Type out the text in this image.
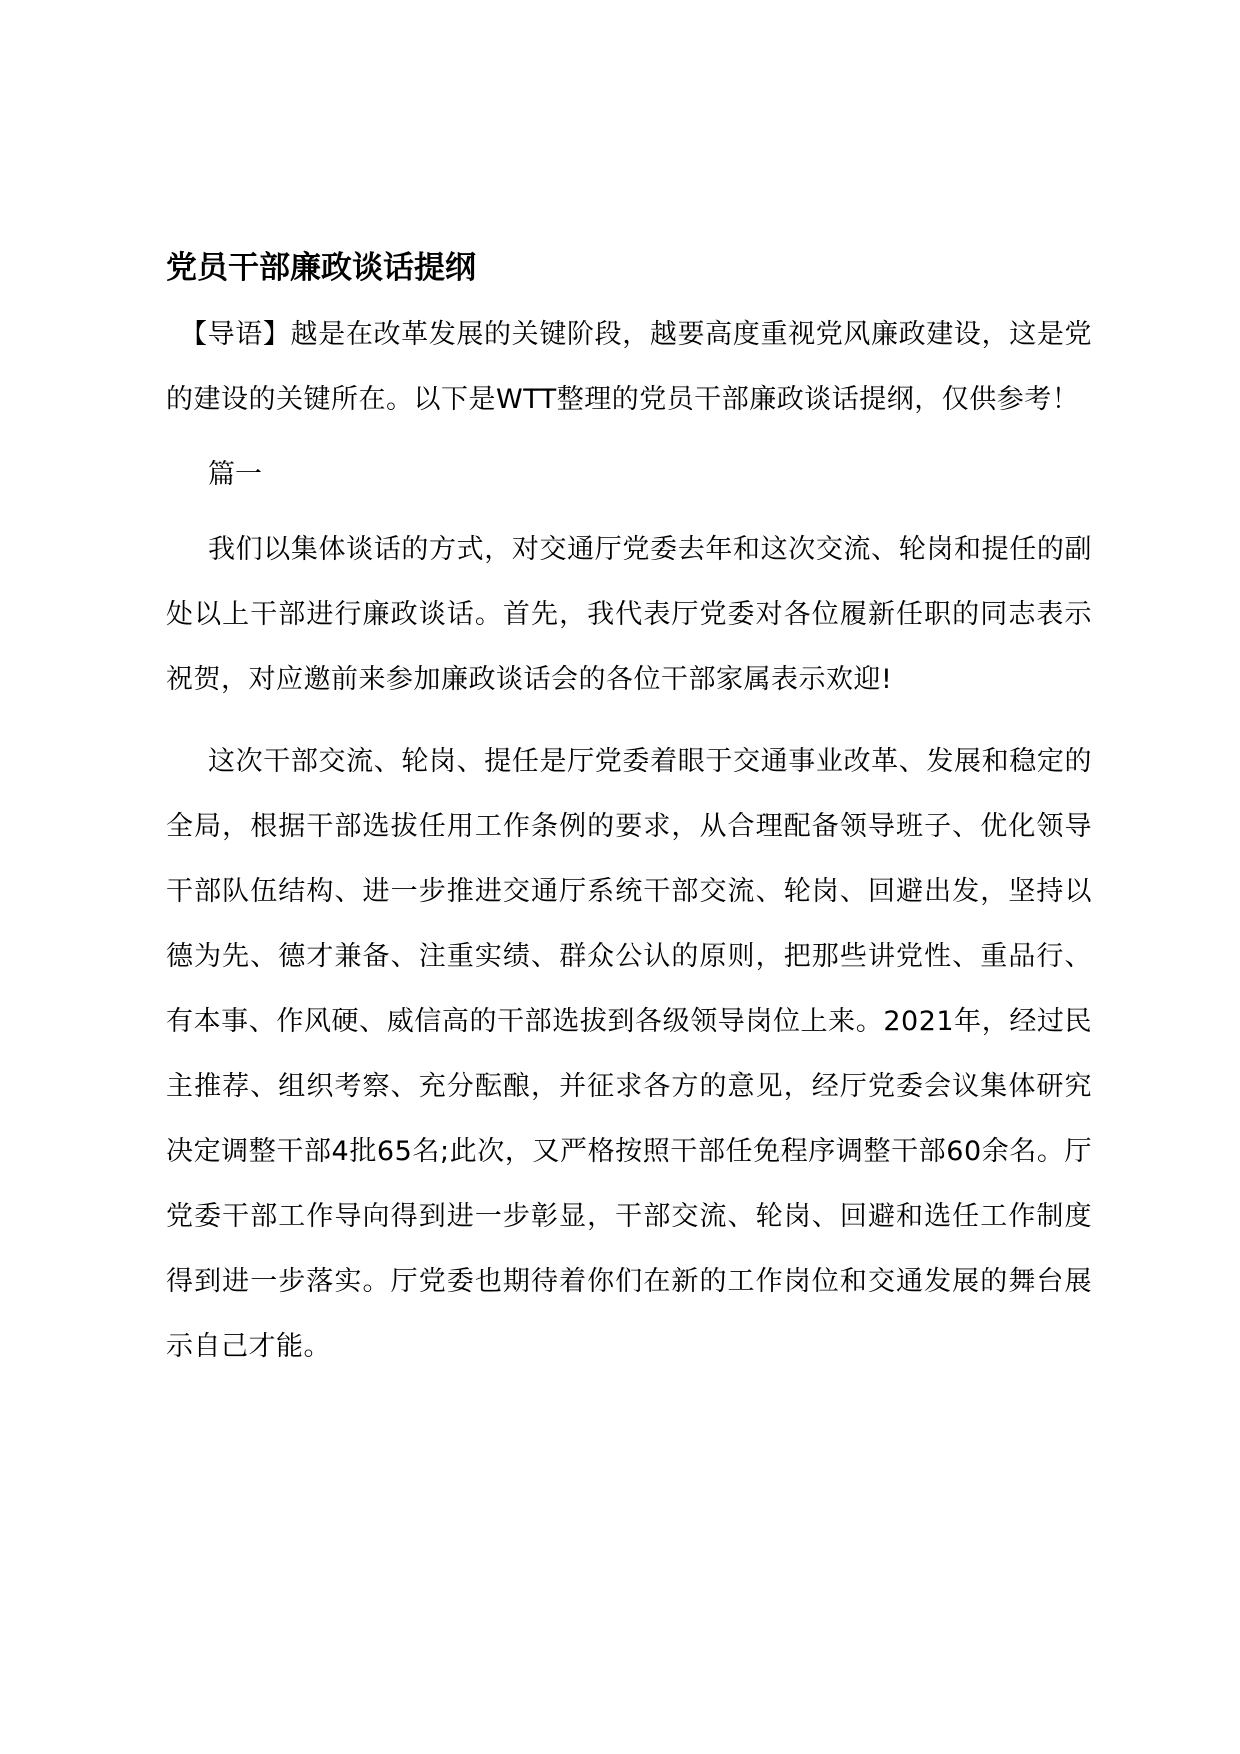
党员干部廉政谈话提纲

【导语】越是在改革发展的关键阶段，越要高度重视党风廉政建设，这是党的建设的关键所在。以下是WTT整理的党员干部廉政谈话提纲，仅供参考！

篇一

我们以集体谈话的方式，对交通厅党委去年和这次交流、轮岗和提任的副处以上干部进行廉政谈话。首先，我代表厅党委对各位履新任职的同志表示祝贺，对应邀前来参加廉政谈话会的各位干部家属表示欢迎!

这次干部交流、轮岗、提任是厅党委着眼于交通事业改革、发展和稳定的全局，根据干部选拔任用工作条例的要求，从合理配备领导班子、优化领导干部队伍结构、进一步推进交通厅系统干部交流、轮岗、回避出发，坚持以德为先、德才兼备、注重实绩、群众公认的原则，把那些讲党性、重品行、有本事、作风硬、威信高的干部选拔到各级领导岗位上来。2021年，经过民主推荐、组织考察、充分酝酿，并征求各方的意见，经厅党委会议集体研究决定调整干部4批65名;此次，又严格按照干部任免程序调整干部60余名。厅党委干部工作导向得到进一步彰显，干部交流、轮岗、回避和选任工作制度得到进一步落实。厅党委也期待着你们在新的工作岗位和交通发展的舞台展示自己才能。
